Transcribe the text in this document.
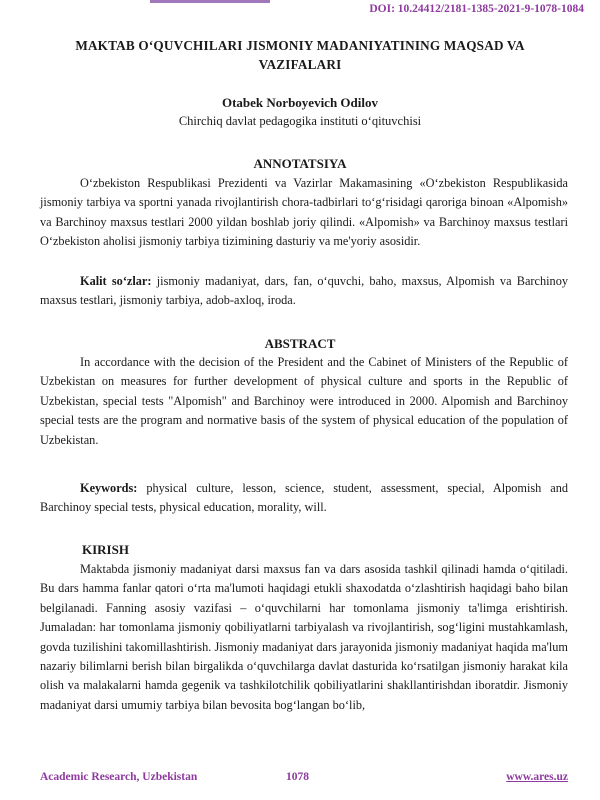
DOI: 10.24412/2181-1385-2021-9-1078-1084
MAKTAB O‘QUVCHILARI JISMONIY MADANIYATINING MAQSAD VA VAZIFALARI
Otabek Norboyevich Odilov
Chirchiq davlat pedagogika instituti o‘qituvchisi
ANNOTATSIYA
O‘zbekiston Respublikasi Prezidenti va Vazirlar Makamasining «O‘zbekiston Respublikasida jismoniy tarbiya va sportni yanada rivojlantirish chora-tadbirlari to‘g‘risidagi qaroriga binoan «Alpomish» va Barchinoy maxsus testlari 2000 yildan boshlab joriy qilindi. «Alpomish» va Barchinoy maxsus testlari O‘zbekiston aholisi jismoniy tarbiya tizimining dasturiy va me'yoriy asosidir.
Kalit so‘zlar: jismoniy madaniyat, dars, fan, o‘quvchi, baho, maxsus, Alpomish va Barchinoy maxsus testlari, jismoniy tarbiya, adob-axloq, iroda.
ABSTRACT
In accordance with the decision of the President and the Cabinet of Ministers of the Republic of Uzbekistan on measures for further development of physical culture and sports in the Republic of Uzbekistan, special tests "Alpomish" and Barchinoy were introduced in 2000. Alpomish and Barchinoy special tests are the program and normative basis of the system of physical education of the population of Uzbekistan.
Keywords: physical culture, lesson, science, student, assessment, special, Alpomish and Barchinoy special tests, physical education, morality, will.
KIRISH
Maktabda jismoniy madaniyat darsi maxsus fan va dars asosida tashkil qilinadi hamda o‘qitiladi. Bu dars hamma fanlar qatori o‘rta ma'lumoti haqidagi etukli shaxodatda o‘zlashtirish haqidagi baho bilan belgilanadi. Fanning asosiy vazifasi – o‘quvchilarni har tomonlama jismoniy ta'limga erishtirish. Jumaladan: har tomonlama jismoniy qobiliyatlarni tarbiyalash va rivojlantirish, sog‘ligini mustahkamlash, govda tuzilishini takomillashtirish. Jismoniy madaniyat dars jarayonida jismoniy madaniyat haqida ma'lum nazariy bilimlarni berish bilan birgalikda o‘quvchilarga davlat dasturida ko‘rsatilgan jismoniy harakat kila olish va malakalarni hamda gegenik va tashkilotchilik qobiliyatlarini shakllantirishdan iboratdir. Jismoniy madaniyat darsi umumiy tarbiya bilan bevosita bog‘langan bo‘lib,
Academic Research, Uzbekistan	1078	www.ares.uz
